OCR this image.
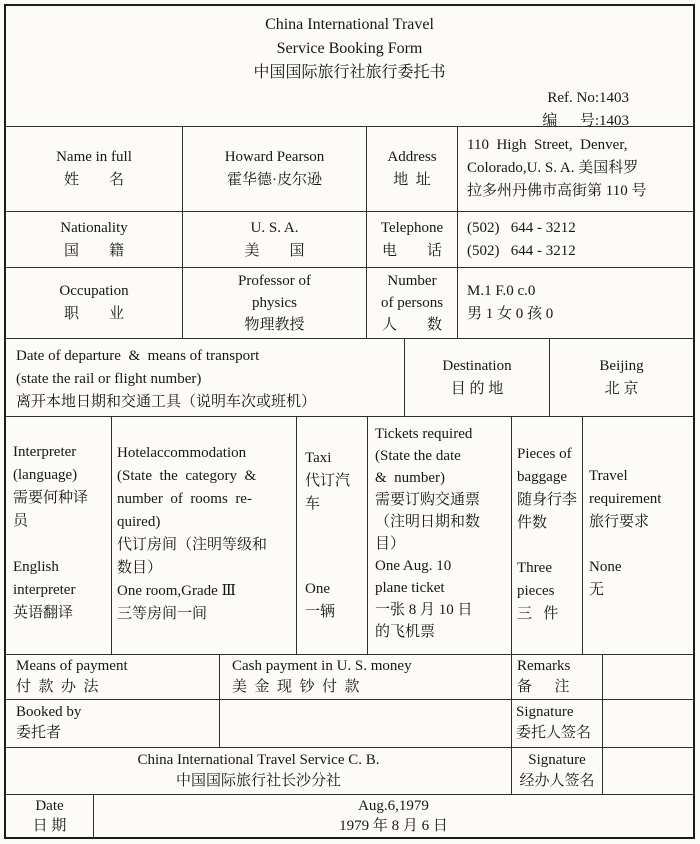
China International Travel
Service Booking Form
中国国际旅行社旅行委托书
Ref. No:1403
编      号:1403
Name in full
姓        名
Howard Pearson
霍华德·皮尔逊
Address
地  址
110  High  Street,  Denver,
Colorado,U. S. A. 美国科罗
拉多州丹佛市高街第 110 号
Nationality
国        籍
U. S. A.
美        国
Telephone
电        话
(502)   644 - 3212
(502)   644 - 3212
Occupation
职        业
Professor of
physics
物理教授
Number
of persons
人        数
M.1 F.0 c.0
男 1 女 0 孩 0
Date of departure  &  means of transport
(state the rail or flight number)
离开本地日期和交通工具（说明车次或班机）
Destination
目 的 地
Beijing
北 京
Interpreter
(language)
需要何种译
员
English
interpreter
英语翻译
Hotelaccommodation
(State  the  category  &
number  of  rooms  re-
quired)
代订房间（注明等级和
数目）
One room,Grade Ⅲ
三等房间一间
Taxi
代订汽
车
One
一辆
Tickets required
(State the date
&  number)
需要订购交通票
（注明日期和数
目）
One Aug. 10
plane ticket
一张 8 月 10 日
的飞机票
Pieces of
baggage
随身行李
件数
Three
pieces
三   件
Travel
requirement
旅行要求
None
无
Means of payment
付  款  办  法
Cash payment in U. S. money
美  金  现  钞  付  款
Remarks
备      注
Booked by
委托者
Signature
委托人签名
China International Travel Service C. B.
中国国际旅行社长沙分社
Signature
经办人签名
Date
日 期
Aug.6,1979
1979 年 8 月 6 日
